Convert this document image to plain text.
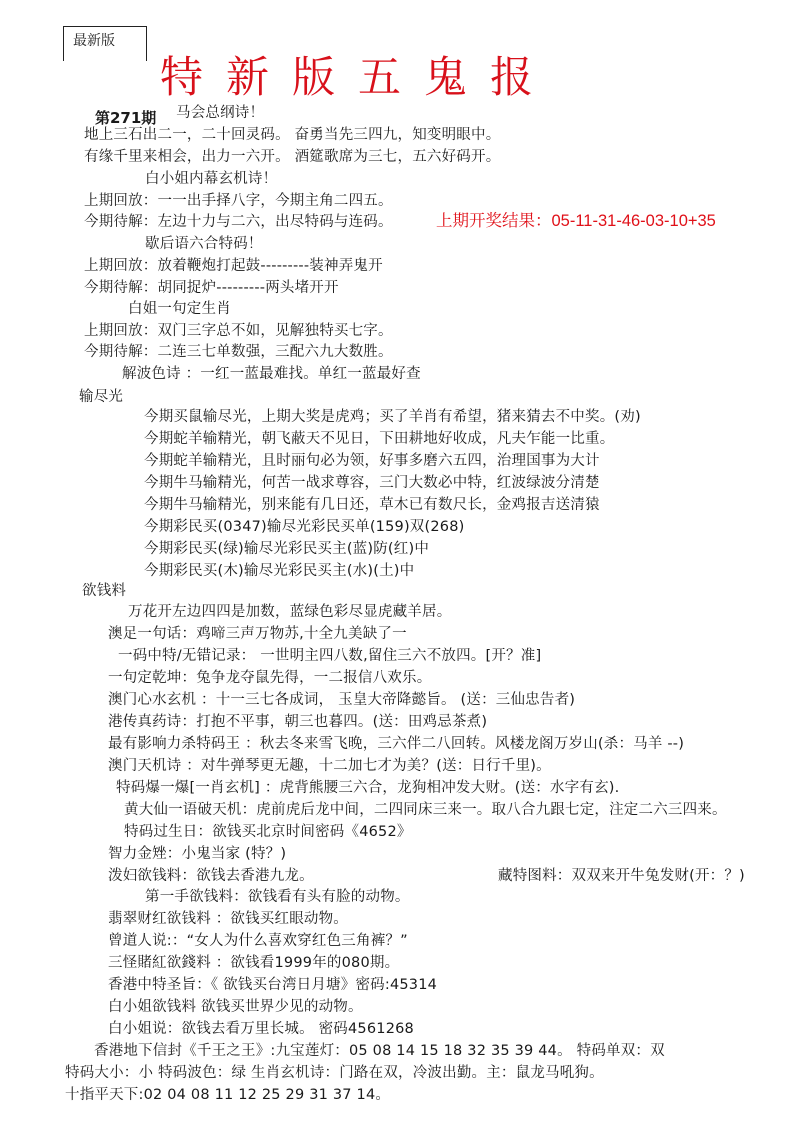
最新版
特新版五鬼报
第271期
上期开奖结果：05-11-31-46-03-10+35
马会总纲诗！
地上三石出二一，二十回灵码。 奋勇当先三四九，知变明眼中。
有缘千里来相会，出力一六开。 酒筵歌席为三七，五六好码开。
白小姐内幕玄机诗！
上期回放：一一出手择八字，今期主角二四五。
今期待解：左边十力与二六，出尽特码与连码。
歇后语六合特码！
上期回放：放着鞭炮打起鼓---------装神弄鬼开
今期待解：胡同捉炉---------两头堵开开
白姐一句定生肖
上期回放：双门三字总不如，见解独特买七字。
今期待解：二连三七单数强，三配六九大数胜。
解波色诗 ：一红一蓝最难找。单红一蓝最好查
输尽光
今期买鼠输尽光，上期大奖是虎鸡；买了羊肖有希望，猪来猜去不中奖。(劝)
今期蛇羊输精光，朝飞蔽天不见日，下田耕地好收成，凡夫乍能一比重。
今期蛇羊输精光，且时丽句必为领，好事多磨六五四，治理国事为大计
今期牛马输精光，何苦一战求尊容，三门大数必中特，红波绿波分清楚
今期牛马输精光，别来能有几日还，草木已有数尺长，金鸡报吉送清猿
今期彩民买(0347)输尽光彩民买单(159)双(268)
今期彩民买(绿)输尽光彩民买主(蓝)防(红)中
今期彩民买(木)输尽光彩民买主(水)(土)中
欲钱料
万花开左边四四是加数，蓝绿色彩尽显虎藏羊居。
澳足一句话：鸡啼三声万物苏,十全九美缺了一
一码中特/无错记录： 一世明主四八数,留住三六不放四。[开？准]
一句定乾坤：兔争龙夺鼠先得，一二报信八欢乐。
澳门心水玄机 ：十一三七各成词， 玉皇大帝降懿旨。 (送：三仙忠告者)
港传真药诗：打抱不平事，朝三也暮四。(送：田鸡忌茶煮)
最有影响力杀特码王 ：秋去冬来雪飞晚，三六伴二八回转。风楼龙阁万岁山(杀：马羊 --)
澳门天机诗 ：对牛弹琴更无趣，十二加七才为美？(送：日行千里)。
特码爆一爆[一肖玄机] ：虎背熊腰三六合，龙狗相冲发大财。(送：水字有玄).
黄大仙一语破天机：虎前虎后龙中间，二四同床三来一。取八合九跟七定，注定二六三四来。
特码过生日：欲钱买北京时间密码《4652》
智力金矬：小鬼当家 (特？)
泼妇欲钱料：欲钱去香港九龙。	藏特图料：双双来开牛兔发财(开：？)
第一手欲钱料：欲钱看有头有脸的动物。
翡翠财红欲钱料 ：欲钱买红眼动物。
曾道人说:：“女人为什么喜欢穿红色三角裤？”
三怪賭紅欲錢料 ：欲钱看1999年的080期。
香港中特圣旨：《 欲钱买台湾日月塘》密码:45314
白小姐欲钱料 欲钱买世界少见的动物。
白小姐说：欲钱去看万里长城。 密码4561268
香港地下信封《千王之王》:九宝莲灯：05 08 14 15 18 32 35 39 44。 特码单双：双
特码大小：小 特码波色：绿 生肖玄机诗：门路在双，冷波出勤。主：鼠龙马吼狗。
十指平天下:02 04 08 11 12 25 29 31 37 14。
